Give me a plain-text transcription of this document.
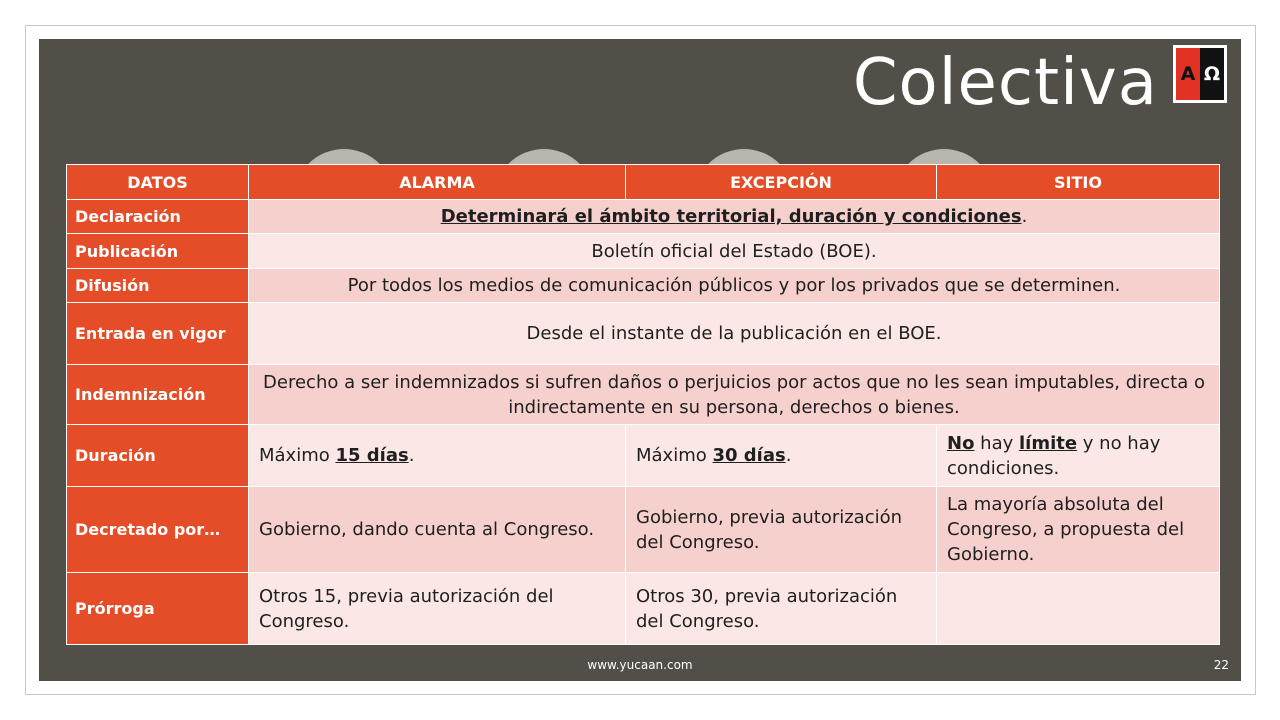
Colectiva A Ω
DATOS	ALARMA	EXCEPCIÓN	SITIO
Declaración	Determinará el ámbito territorial, duración y condiciones.		
Publicación	Boletín oficial del Estado (BOE).		
Difusión	Por todos los medios de comunicación públicos y por los privados que se determinen.		
Entrada en vigor	Desde el instante de la publicación en el BOE.		
Indemnización	Derecho a ser indemnizados si sufren daños o perjuicios por actos que no les sean imputables, directa o indirectamente en su persona, derechos o bienes.		
Duración	Máximo 15 días.	Máximo 30 días.	No hay límite y no hay condiciones.
Decretado por…	Gobierno, dando cuenta al Congreso.	Gobierno, previa autorización del Congreso.	La mayoría absoluta del Congreso, a propuesta del Gobierno.
Prórroga	Otros 15, previa autorización del Congreso.	Otros 30, previa autorización del Congreso.	
www.yucaan.com	22
